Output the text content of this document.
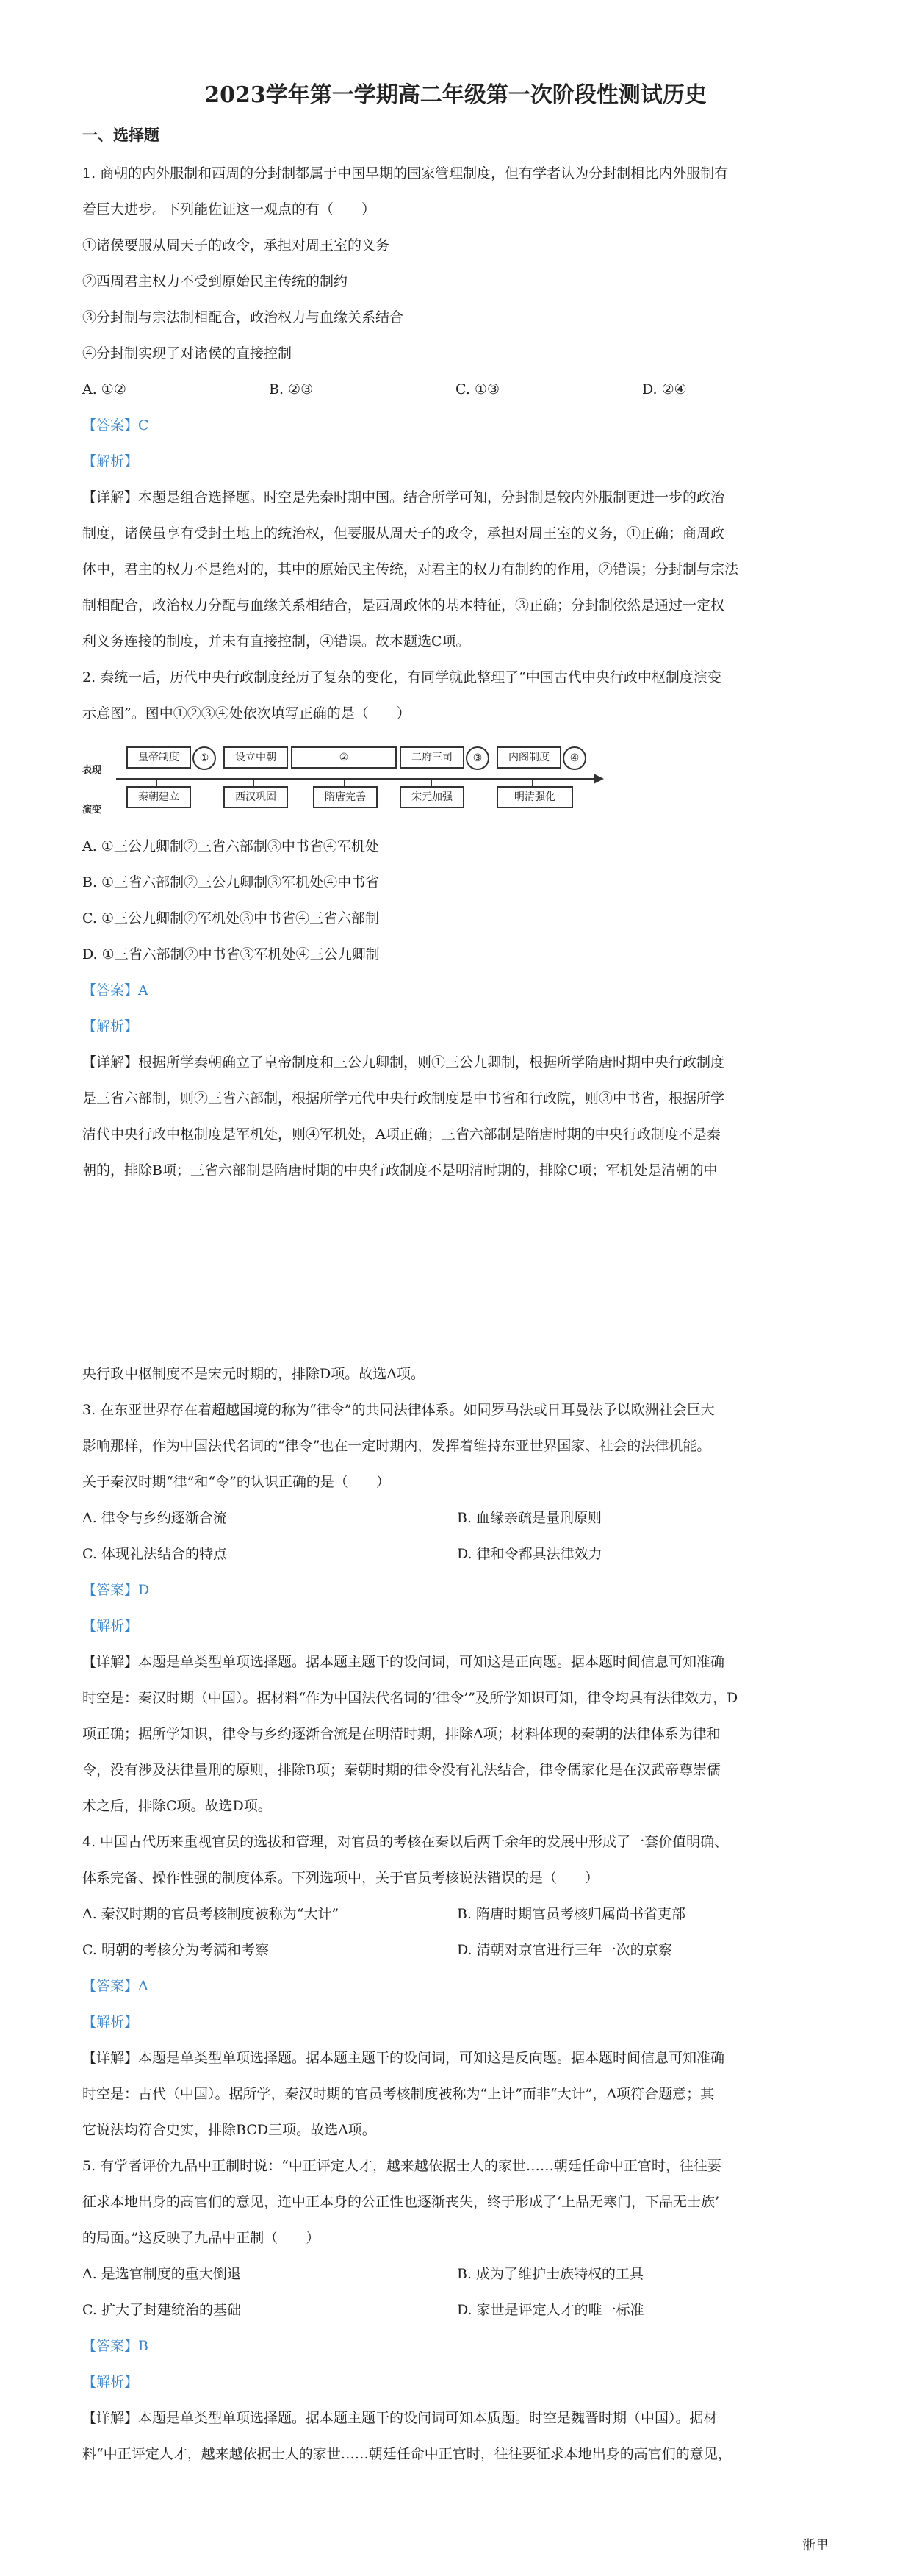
2023学年第一学期高二年级第一次阶段性测试历史
一、选择题

1. 商朝的内外服制和西周的分封制都属于中国早期的国家管理制度，但有学者认为分封制相比内外服制有

着巨大进步。下列能佐证这一观点的有（　　）

①诸侯要服从周天子的政令，承担对周王室的义务

②西周君主权力不受到原始民主传统的制约

③分封制与宗法制相配合，政治权力与血缘关系结合

④分封制实现了对诸侯的直接控制

A. ①②	B. ②③	C. ①③	D. ②④

【答案】C

【解析】

【详解】本题是组合选择题。时空是先秦时期中国。结合所学可知，分封制是较内外服制更进一步的政治

制度，诸侯虽享有受封土地上的统治权，但要服从周天子的政令，承担对周王室的义务，①正确；商周政

体中，君主的权力不是绝对的，其中的原始民主传统，对君主的权力有制约的作用，②错误；分封制与宗法

制相配合，政治权力分配与血缘关系相结合，是西周政体的基本特征，③正确；分封制依然是通过一定权

利义务连接的制度，并未有直接控制，④错误。故本题选C项。

2. 秦统一后，历代中央行政制度经历了复杂的变化，有同学就此整理了“中国古代中央行政中枢制度演变

示意图”。图中①②③④处依次填写正确的是（　　）

表现
演变
皇帝制度	①	设立中朝	②	二府三司	③	内阁制度	④
秦朝建立	西汉巩固	隋唐完善	宋元加强	明清强化

A. ①三公九卿制②三省六部制③中书省④军机处

B. ①三省六部制②三公九卿制③军机处④中书省

C. ①三公九卿制②军机处③中书省④三省六部制

D. ①三省六部制②中书省③军机处④三公九卿制

【答案】A

【解析】

【详解】根据所学秦朝确立了皇帝制度和三公九卿制，则①三公九卿制，根据所学隋唐时期中央行政制度

是三省六部制，则②三省六部制，根据所学元代中央行政制度是中书省和行政院，则③中书省，根据所学

清代中央行政中枢制度是军机处，则④军机处，A项正确；三省六部制是隋唐时期的中央行政制度不是秦

朝的，排除B项；三省六部制是隋唐时期的中央行政制度不是明清时期的，排除C项；军机处是清朝的中

央行政中枢制度不是宋元时期的，排除D项。故选A项。

3. 在东亚世界存在着超越国境的称为“律令”的共同法律体系。如同罗马法或日耳曼法予以欧洲社会巨大

影响那样，作为中国法代名词的“律令”也在一定时期内，发挥着维持东亚世界国家、社会的法律机能。

关于秦汉时期“律”和“令”的认识正确的是（　　）

A. 律令与乡约逐渐合流	B. 血缘亲疏是量刑原则
C. 体现礼法结合的特点	D. 律和令都具法律效力

【答案】D

【解析】

【详解】本题是单类型单项选择题。据本题主题干的设问词，可知这是正向题。据本题时间信息可知准确

时空是：秦汉时期（中国）。据材料“作为中国法代名词的‘律令’”及所学知识可知，律令均具有法律效力，D

项正确；据所学知识，律令与乡约逐渐合流是在明清时期，排除A项；材料体现的秦朝的法律体系为律和

令，没有涉及法律量刑的原则，排除B项；秦朝时期的律令没有礼法结合，律令儒家化是在汉武帝尊崇儒

术之后，排除C项。故选D项。

4. 中国古代历来重视官员的选拔和管理，对官员的考核在秦以后两千余年的发展中形成了一套价值明确、

体系完备、操作性强的制度体系。下列选项中，关于官员考核说法错误的是（　　）

A. 秦汉时期的官员考核制度被称为“大计”	B. 隋唐时期官员考核归属尚书省吏部
C. 明朝的考核分为考满和考察	D. 清朝对京官进行三年一次的京察

【答案】A

【解析】

【详解】本题是单类型单项选择题。据本题主题干的设问词，可知这是反向题。据本题时间信息可知准确

时空是：古代（中国）。据所学，秦汉时期的官员考核制度被称为“上计”而非“大计”，A项符合题意；其

它说法均符合史实，排除BCD三项。故选A项。

5. 有学者评价九品中正制时说：“中正评定人才，越来越依据士人的家世……朝廷任命中正官时，往往要

征求本地出身的高官们的意见，连中正本身的公正性也逐渐丧失，终于形成了‘上品无寒门，下品无士族’

的局面。”这反映了九品中正制（　　）

A. 是选官制度的重大倒退	B. 成为了维护士族特权的工具
C. 扩大了封建统治的基础	D. 家世是评定人才的唯一标准

【答案】B

【解析】

【详解】本题是单类型单项选择题。据本题主题干的设问词可知本质题。时空是魏晋时期（中国）。据材

料“中正评定人才，越来越依据士人的家世……朝廷任命中正官时，往往要征求本地出身的高官们的意见，

浙里
